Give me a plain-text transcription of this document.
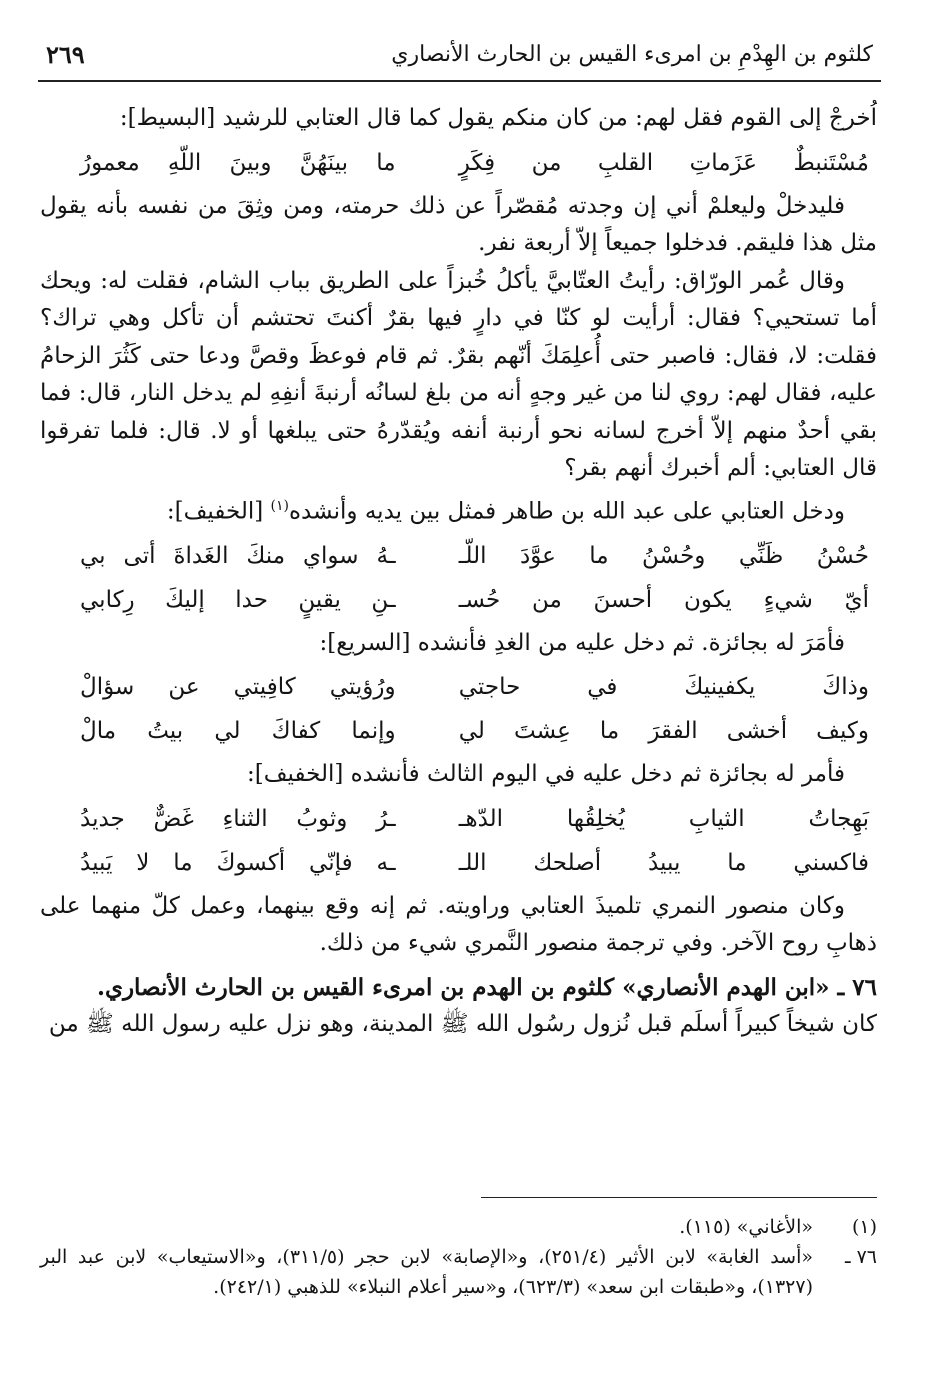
كلثوم بن الهِدْمِ بن امرىء القيس بن الحارث الأنصاري
٢٦٩

اُخرجْ إلى القوم فقل لهم: من كان منكم يقول كما قال العتابي للرشيد [البسيط]:

مُسْتَنبطٌ عَزَماتِ القلبِ من فِكَرٍ
ما بينَهُنَّ وبينَ اللّهِ معمورُ

فليدخلْ وليعلمْ أني إن وجدته مُقصّراً عن ذلك حرمته، ومن وثِقَ من نفسه بأنه يقول مثل هذا فليقم. فدخلوا جميعاً إلاّ أربعة نفر.

وقال عُمر الورّاق: رأيتُ العتّابيَّ يأكلُ خُبزاً على الطريق بباب الشام، فقلت له: ويحك أما تستحيي؟ فقال: أرأيت لو كنّا في دارٍ فيها بقرٌ أكنتَ تحتشم أن تأكل وهي تراك؟ فقلت: لا، فقال: فاصبر حتى أُعلِمَكَ أنّهم بقرٌ. ثم قام فوعظَ وقصَّ ودعا حتى كَثُرَ الزحامُ عليه، فقال لهم: روي لنا من غير وجهٍ أنه من بلغ لسانُه أرنبةَ أنفِهِ لم يدخل النار، قال: فما بقي أحدٌ منهم إلاّ أخرج لسانه نحو أرنبة أنفه ويُقدّرهُ حتى يبلغها أو لا. قال: فلما تفرقوا قال العتابي: ألم أخبرك أنهم بقر؟

ودخل العتابي على عبد الله بن طاهر فمثل بين يديه وأنشده$^{(١)}$ [الخفيف]:

حُسْنُ ظَنِّي وحُسْنُ ما عوَّدَ اللّـ
ـهُ سواي منكَ الغَداةَ أتى بي
أيّ شيءٍ يكون أحسنَ من حُسـ
ـنِ يقينٍ حدا إليكَ رِكابي

فأمَرَ له بجائزة. ثم دخل عليه من الغدِ فأنشده [السريع]:

وذاكَ يكفينيكَ في حاجتي
ورُؤيتي كافِيتي عن سؤالْ
وكيف أخشى الفقرَ ما عِشتَ لي
وإنما كفاكَ لي بيتُ مالْ

فأمر له بجائزة ثم دخل عليه في اليوم الثالث فأنشده [الخفيف]:

بَهِجاتُ الثيابِ يُخلِقُها الدّهـ
ـرُ وثوبُ الثناءِ غَضٌّ جديدُ
فاكسني ما يبيدُ أصلحك اللـ
ـه فإنّي أكسوكَ ما لا يَبيدُ

وكان منصور النمري تلميذَ العتابي وراويته. ثم إنه وقع بينهما، وعمل كلّ منهما على ذهابِ روح الآخر. وفي ترجمة منصور النَّمري شيء من ذلك.

٧٦ ـ «ابن الهدم الأنصاري» كلثوم بن الهدم بن امرىء القيس بن الحارث الأنصاري.

كان شيخاً كبيراً أسلَم قبل نُزول رسُول الله ﷺ المدينة، وهو نزل عليه رسول الله ﷺ من

(١)
«الأغاني» (١١٥).
٧٦ ـ
«أسد الغابة» لابن الأثير (٢٥١/٤)، و«الإصابة» لابن حجر (٣١١/٥)، و«الاستيعاب» لابن عبد البر (١٣٢٧)، و«طبقات ابن سعد» (٦٢٣/٣)، و«سير أعلام النبلاء» للذهبي (٢٤٢/١).
